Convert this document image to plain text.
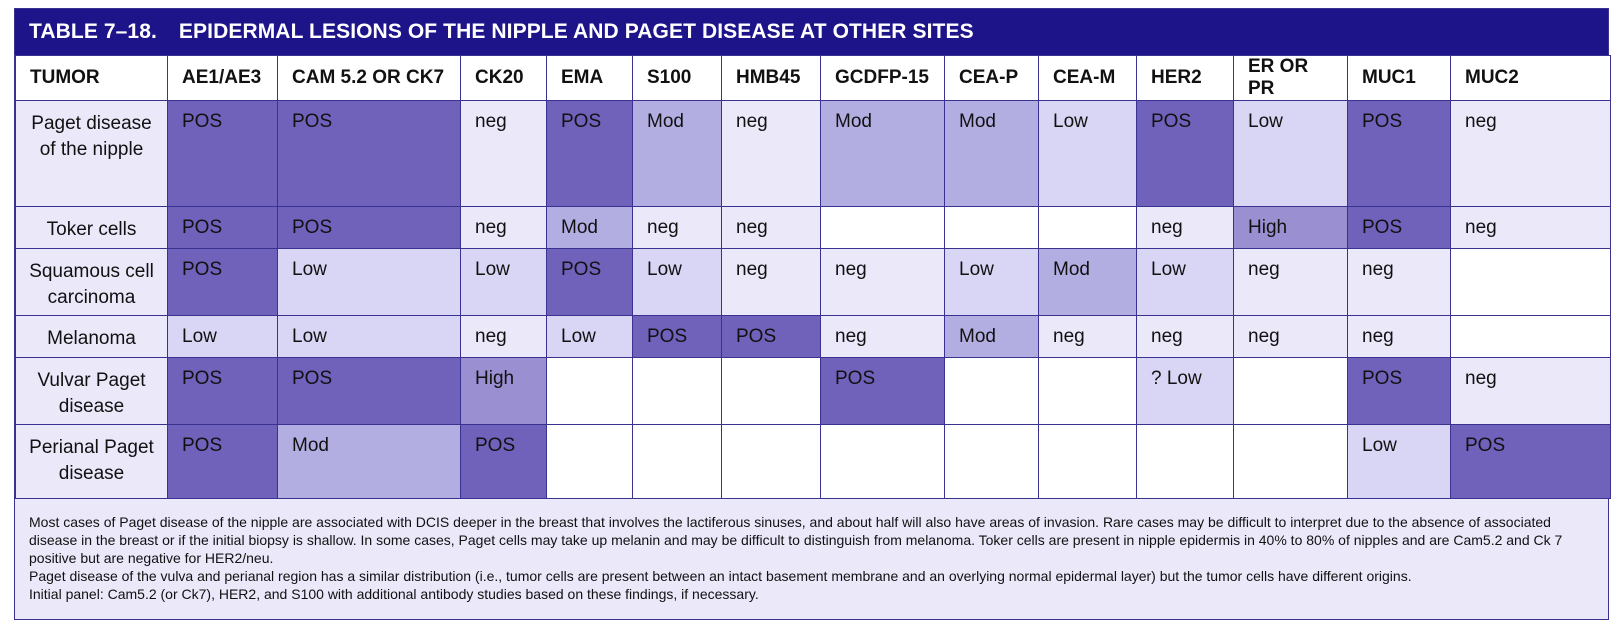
TABLE 7–18. EPIDERMAL LESIONS OF THE NIPPLE AND PAGET DISEASE AT OTHER SITES
TUMOR	AE1/AE3	CAM 5.2 OR CK7	CK20	EMA	S100	HMB45	GCDFP-15	CEA-P	CEA-M	HER2	ER OR PR	MUC1	MUC2
Paget disease of the nipple	POS	POS	neg	POS	Mod	neg	Mod	Mod	Low	POS	Low	POS	neg
Toker cells	POS	POS	neg	Mod	neg	neg				neg	High	POS	neg
Squamous cell carcinoma	POS	Low	Low	POS	Low	neg	neg	Low	Mod	Low	neg	neg	
Melanoma	Low	Low	neg	Low	POS	POS	neg	Mod	neg	neg	neg	neg	
Vulvar Paget disease	POS	POS	High				POS			? Low		POS	neg
Perianal Paget disease	POS	Mod	POS									Low	POS

Most cases of Paget disease of the nipple are associated with DCIS deeper in the breast that involves the lactiferous sinuses, and about half will also have areas of invasion. Rare cases may be difficult to interpret due to the absence of associated disease in the breast or if the initial biopsy is shallow. In some cases, Paget cells may take up melanin and may be difficult to distinguish from melanoma. Toker cells are present in nipple epidermis in 40% to 80% of nipples and are Cam5.2 and Ck 7 positive but are negative for HER2/neu.

Paget disease of the vulva and perianal region has a similar distribution (i.e., tumor cells are present between an intact basement membrane and an overlying normal epidermal layer) but the tumor cells have different origins.

Initial panel: Cam5.2 (or Ck7), HER2, and S100 with additional antibody studies based on these findings, if necessary.
